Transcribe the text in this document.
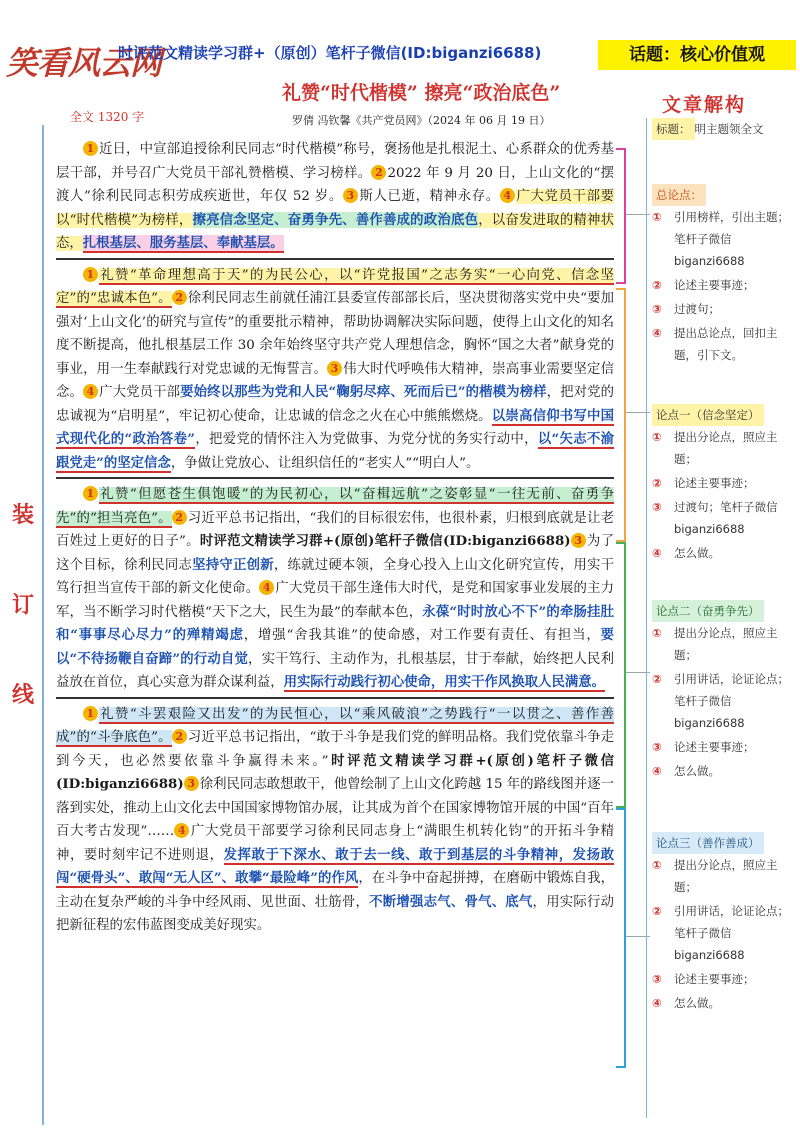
笑看风云网
时评范文精读学习群+（原创）笔杆子微信(ID:biganzi6688)	话题：核心价值观
礼赞“时代楷模” 擦亮“政治底色”
罗倩 冯钦馨《共产党员网》（2024 年 06 月 19 日）
全文 1320 字
文章解构
装
订
线

1 近日，中宣部追授徐利民同志“时代楷模”称号，褒扬他是扎根泥土、心系群众的优秀基层干部，并号召广大党员干部礼赞楷模、学习榜样。 2 2022 年 9 月 20 日，上山文化的“摆渡人”徐利民同志积劳成疾逝世，年仅 52 岁。 3 斯人已逝，精神永存。 4 广大党员干部要以“时代楷模”为榜样，擦亮信念坚定、奋勇争先、善作善成的政治底色，以奋发进取的精神状态，扎根基层、服务基层、奉献基层。

1 礼赞“革命理想高于天”的为民公心，以“许党报国”之志务实“一心向党、信念坚定”的“忠诚本色”。 2 徐利民同志生前就任浦江县委宣传部部长后，坚决贯彻落实党中央“要加强对‘上山文化’的研究与宣传”的重要批示精神，帮助协调解决实际问题，使得上山文化的知名度不断提高，他扎根基层工作 30 余年始终坚守共产党人理想信念，胸怀“国之大者”献身党的事业，用一生奉献践行对党忠诚的无悔誓言。 3 伟大时代呼唤伟大精神，崇高事业需要坚定信念。 4 广大党员干部要始终以那些为党和人民“鞠躬尽瘁、死而后已”的楷模为榜样，把对党的忠诚视为“启明星”，牢记初心使命，让忠诚的信念之火在心中熊熊燃烧。以崇高信仰书写中国式现代化的“政治答卷”，把爱党的情怀注入为党做事、为党分忧的务实行动中，以“矢志不渝跟党走”的坚定信念，争做让党放心、让组织信任的“老实人”“明白人”。

1 礼赞“但愿苍生俱饱暖”的为民初心，以“奋楫远航”之姿彰显“一往无前、奋勇争先”的“担当亮色”。 2 习近平总书记指出，“我们的目标很宏伟，也很朴素，归根到底就是让老百姓过上更好的日子”。时评范文精读学习群+(原创)笔杆子微信(ID:biganzi6688) 3 为了这个目标，徐利民同志坚持守正创新，练就过硬本领，全身心投入上山文化研究宣传，用实干笃行担当宣传干部的新文化使命。 4 广大党员干部生逢伟大时代，是党和国家事业发展的主力军，当不断学习时代楷模“天下之大，民生为最”的奉献本色，永葆“时时放心不下”的牵肠挂肚和“事事尽心尽力”的殚精竭虑，增强“舍我其谁”的使命感，对工作要有责任、有担当，要以“不待扬鞭自奋蹄”的行动自觉，实干笃行、主动作为，扎根基层，甘于奉献，始终把人民利益放在首位，真心实意为群众谋利益，用实际行动践行初心使命，用实干作风换取人民满意。

1 礼赞“斗罢艰险又出发”的为民恒心，以“乘风破浪”之势践行“一以贯之、善作善成”的“斗争底色”。 2 习近平总书记指出，“敢于斗争是我们党的鲜明品格。我们党依靠斗争走到今天，也必然要依靠斗争赢得未来。”时评范文精读学习群+(原创)笔杆子微信(ID:biganzi6688) 3 徐利民同志敢想敢干，他曾绘制了上山文化跨越 15 年的路线图并逐一落到实处，推动上山文化去中国国家博物馆办展，让其成为首个在国家博物馆开展的中国“百年百大考古发现”…… 4 广大党员干部要学习徐利民同志身上“满眼生机转化钧”的开拓斗争精神，要时刻牢记不进则退，发挥敢于下深水、敢于去一线、敢于到基层的斗争精神，发扬敢闯“硬骨头”、敢闯“无人区”、敢攀“最险峰”的作风，在斗争中奋起拼搏，在磨砺中锻炼自我，主动在复杂严峻的斗争中经风雨、见世面、壮筋骨，不断增强志气、骨气、底气，用实际行动把新征程的宏伟蓝图变成美好现实。

标题： 明主题领全文
总论点：
①	引用榜样，引出主题；笔杆子微信 biganzi6688
②	论述主要事迹；
③	过渡句；
④	提出总论点，回扣主题，引下文。
论点一（信念坚定）
①	提出分论点，照应主题；
②	论述主要事迹；
③	过渡句；笔杆子微信 biganzi6688
④	怎么做。
论点二（奋勇争先）
①	提出分论点，照应主题；
②	引用讲话，论证论点；笔杆子微信 biganzi6688
③	论述主要事迹；
④	怎么做。
论点三（善作善成）
①	提出分论点，照应主题；
②	引用讲话，论证论点；笔杆子微信 biganzi6688
③	论述主要事迹；
④	怎么做。
